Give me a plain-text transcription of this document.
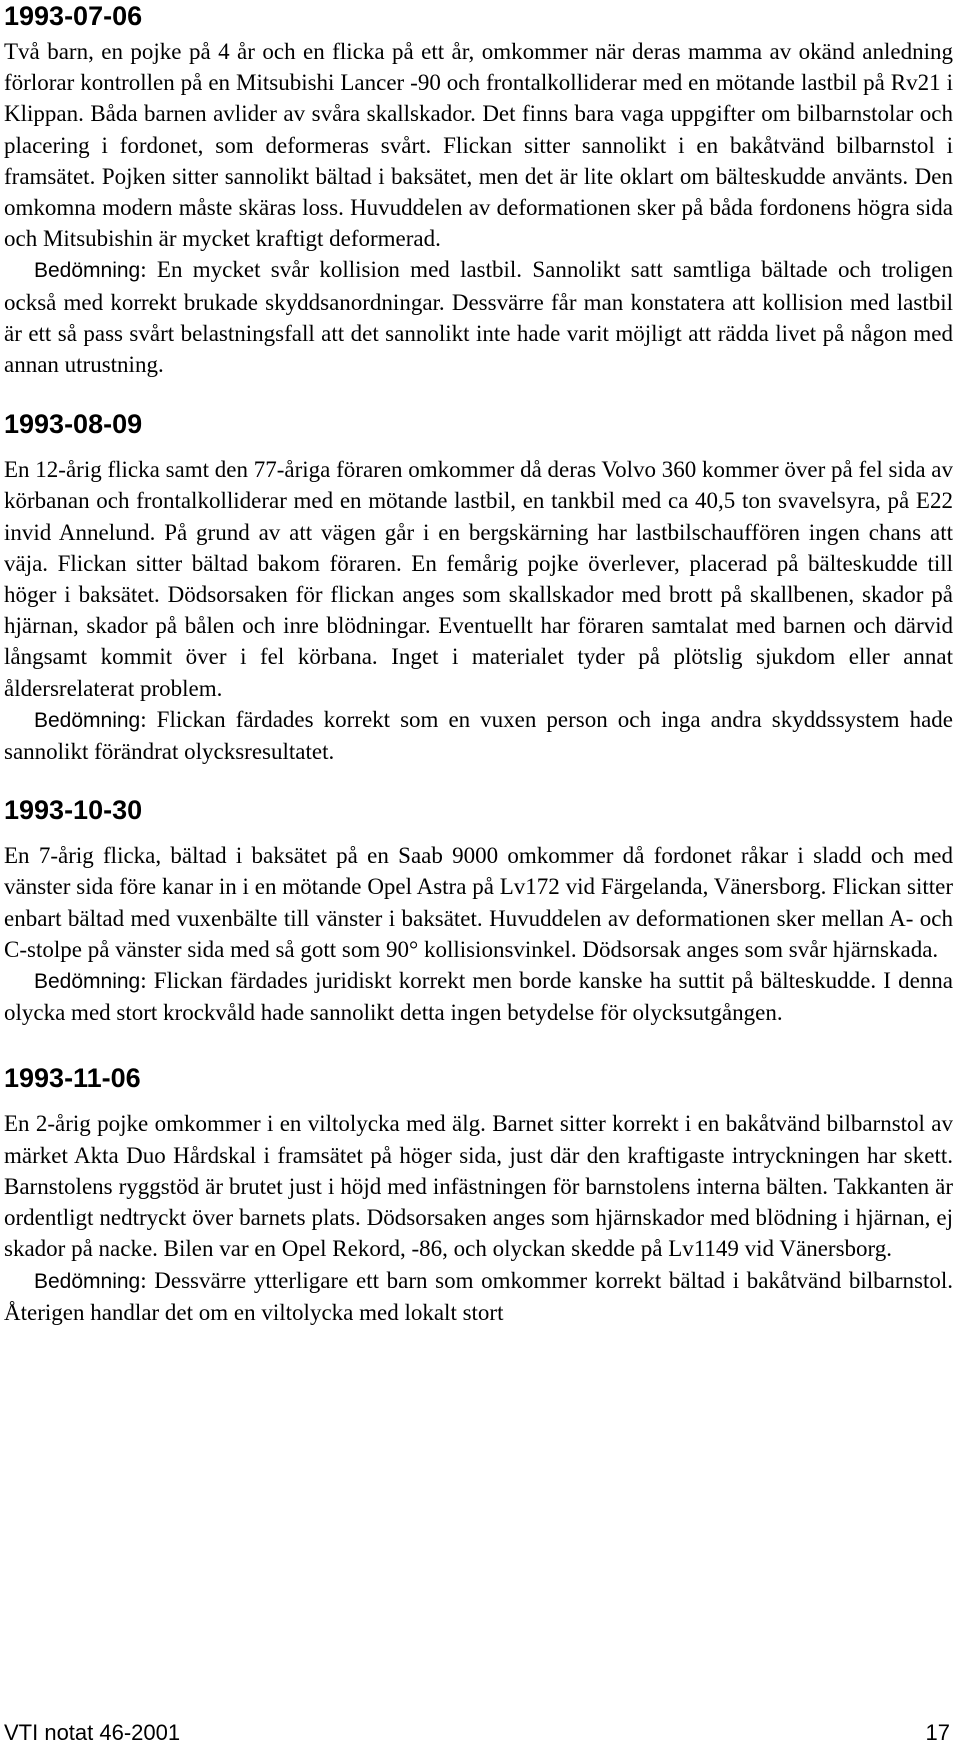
1993-07-06

Två barn, en pojke på 4 år och en flicka på ett år, omkommer när deras mamma av okänd anledning förlorar kontrollen på en Mitsubishi Lancer -90 och frontalkolliderar med en mötande lastbil på Rv21 i Klippan. Båda barnen avlider av svåra skallskador. Det finns bara vaga uppgifter om bilbarnstolar och placering i fordonet, som deformeras svårt. Flickan sitter sannolikt i en bakåtvänd bilbarnstol i framsätet. Pojken sitter sannolikt bältad i baksätet, men det är lite oklart om bälteskudde använts. Den omkomna modern måste skäras loss. Huvuddelen av deformationen sker på båda fordonens högra sida och Mitsubishin är mycket kraftigt deformerad.

Bedömning: En mycket svår kollision med lastbil. Sannolikt satt samtliga bältade och troligen också med korrekt brukade skyddsanordningar. Dessvärre får man konstatera att kollision med lastbil är ett så pass svårt belastningsfall att det sannolikt inte hade varit möjligt att rädda livet på någon med annan utrustning.

1993-08-09

En 12-årig flicka samt den 77-åriga föraren omkommer då deras Volvo 360 kommer över på fel sida av körbanan och frontalkolliderar med en mötande lastbil, en tankbil med ca 40,5 ton svavelsyra, på E22 invid Annelund. På grund av att vägen går i en bergskärning har lastbilschauffören ingen chans att väja. Flickan sitter bältad bakom föraren. En femårig pojke överlever, placerad på bälteskudde till höger i baksätet. Dödsorsaken för flickan anges som skallskador med brott på skallbenen, skador på hjärnan, skador på bålen och inre blödningar. Eventuellt har föraren samtalat med barnen och därvid långsamt kommit över i fel körbana. Inget i materialet tyder på plötslig sjukdom eller annat åldersrelaterat problem.

Bedömning: Flickan färdades korrekt som en vuxen person och inga andra skyddssystem hade sannolikt förändrat olycksresultatet.

1993-10-30

En 7-årig flicka, bältad i baksätet på en Saab 9000 omkommer då fordonet råkar i sladd och med vänster sida före kanar in i en mötande Opel Astra på Lv172 vid Färgelanda, Vänersborg. Flickan sitter enbart bältad med vuxenbälte till vänster i baksätet. Huvuddelen av deformationen sker mellan A- och C-stolpe på vänster sida med så gott som 90° kollisionsvinkel. Dödsorsak anges som svår hjärnskada.

Bedömning: Flickan färdades juridiskt korrekt men borde kanske ha suttit på bälteskudde. I denna olycka med stort krockvåld hade sannolikt detta ingen betydelse för olycksutgången.

1993-11-06

En 2-årig pojke omkommer i en viltolycka med älg. Barnet sitter korrekt i en bakåtvänd bilbarnstol av märket Akta Duo Hårdskal i framsätet på höger sida, just där den kraftigaste intryckningen har skett. Barnstolens ryggstöd är brutet just i höjd med infästningen för barnstolens interna bälten. Takkanten är ordentligt nedtryckt över barnets plats. Dödsorsaken anges som hjärnskador med blödning i hjärnan, ej skador på nacke. Bilen var en Opel Rekord, -86, och olyckan skedde på Lv1149 vid Vänersborg.

Bedömning: Dessvärre ytterligare ett barn som omkommer korrekt bältad i bakåtvänd bilbarnstol. Återigen handlar det om en viltolycka med lokalt stort

VTI notat 46-2001	17
